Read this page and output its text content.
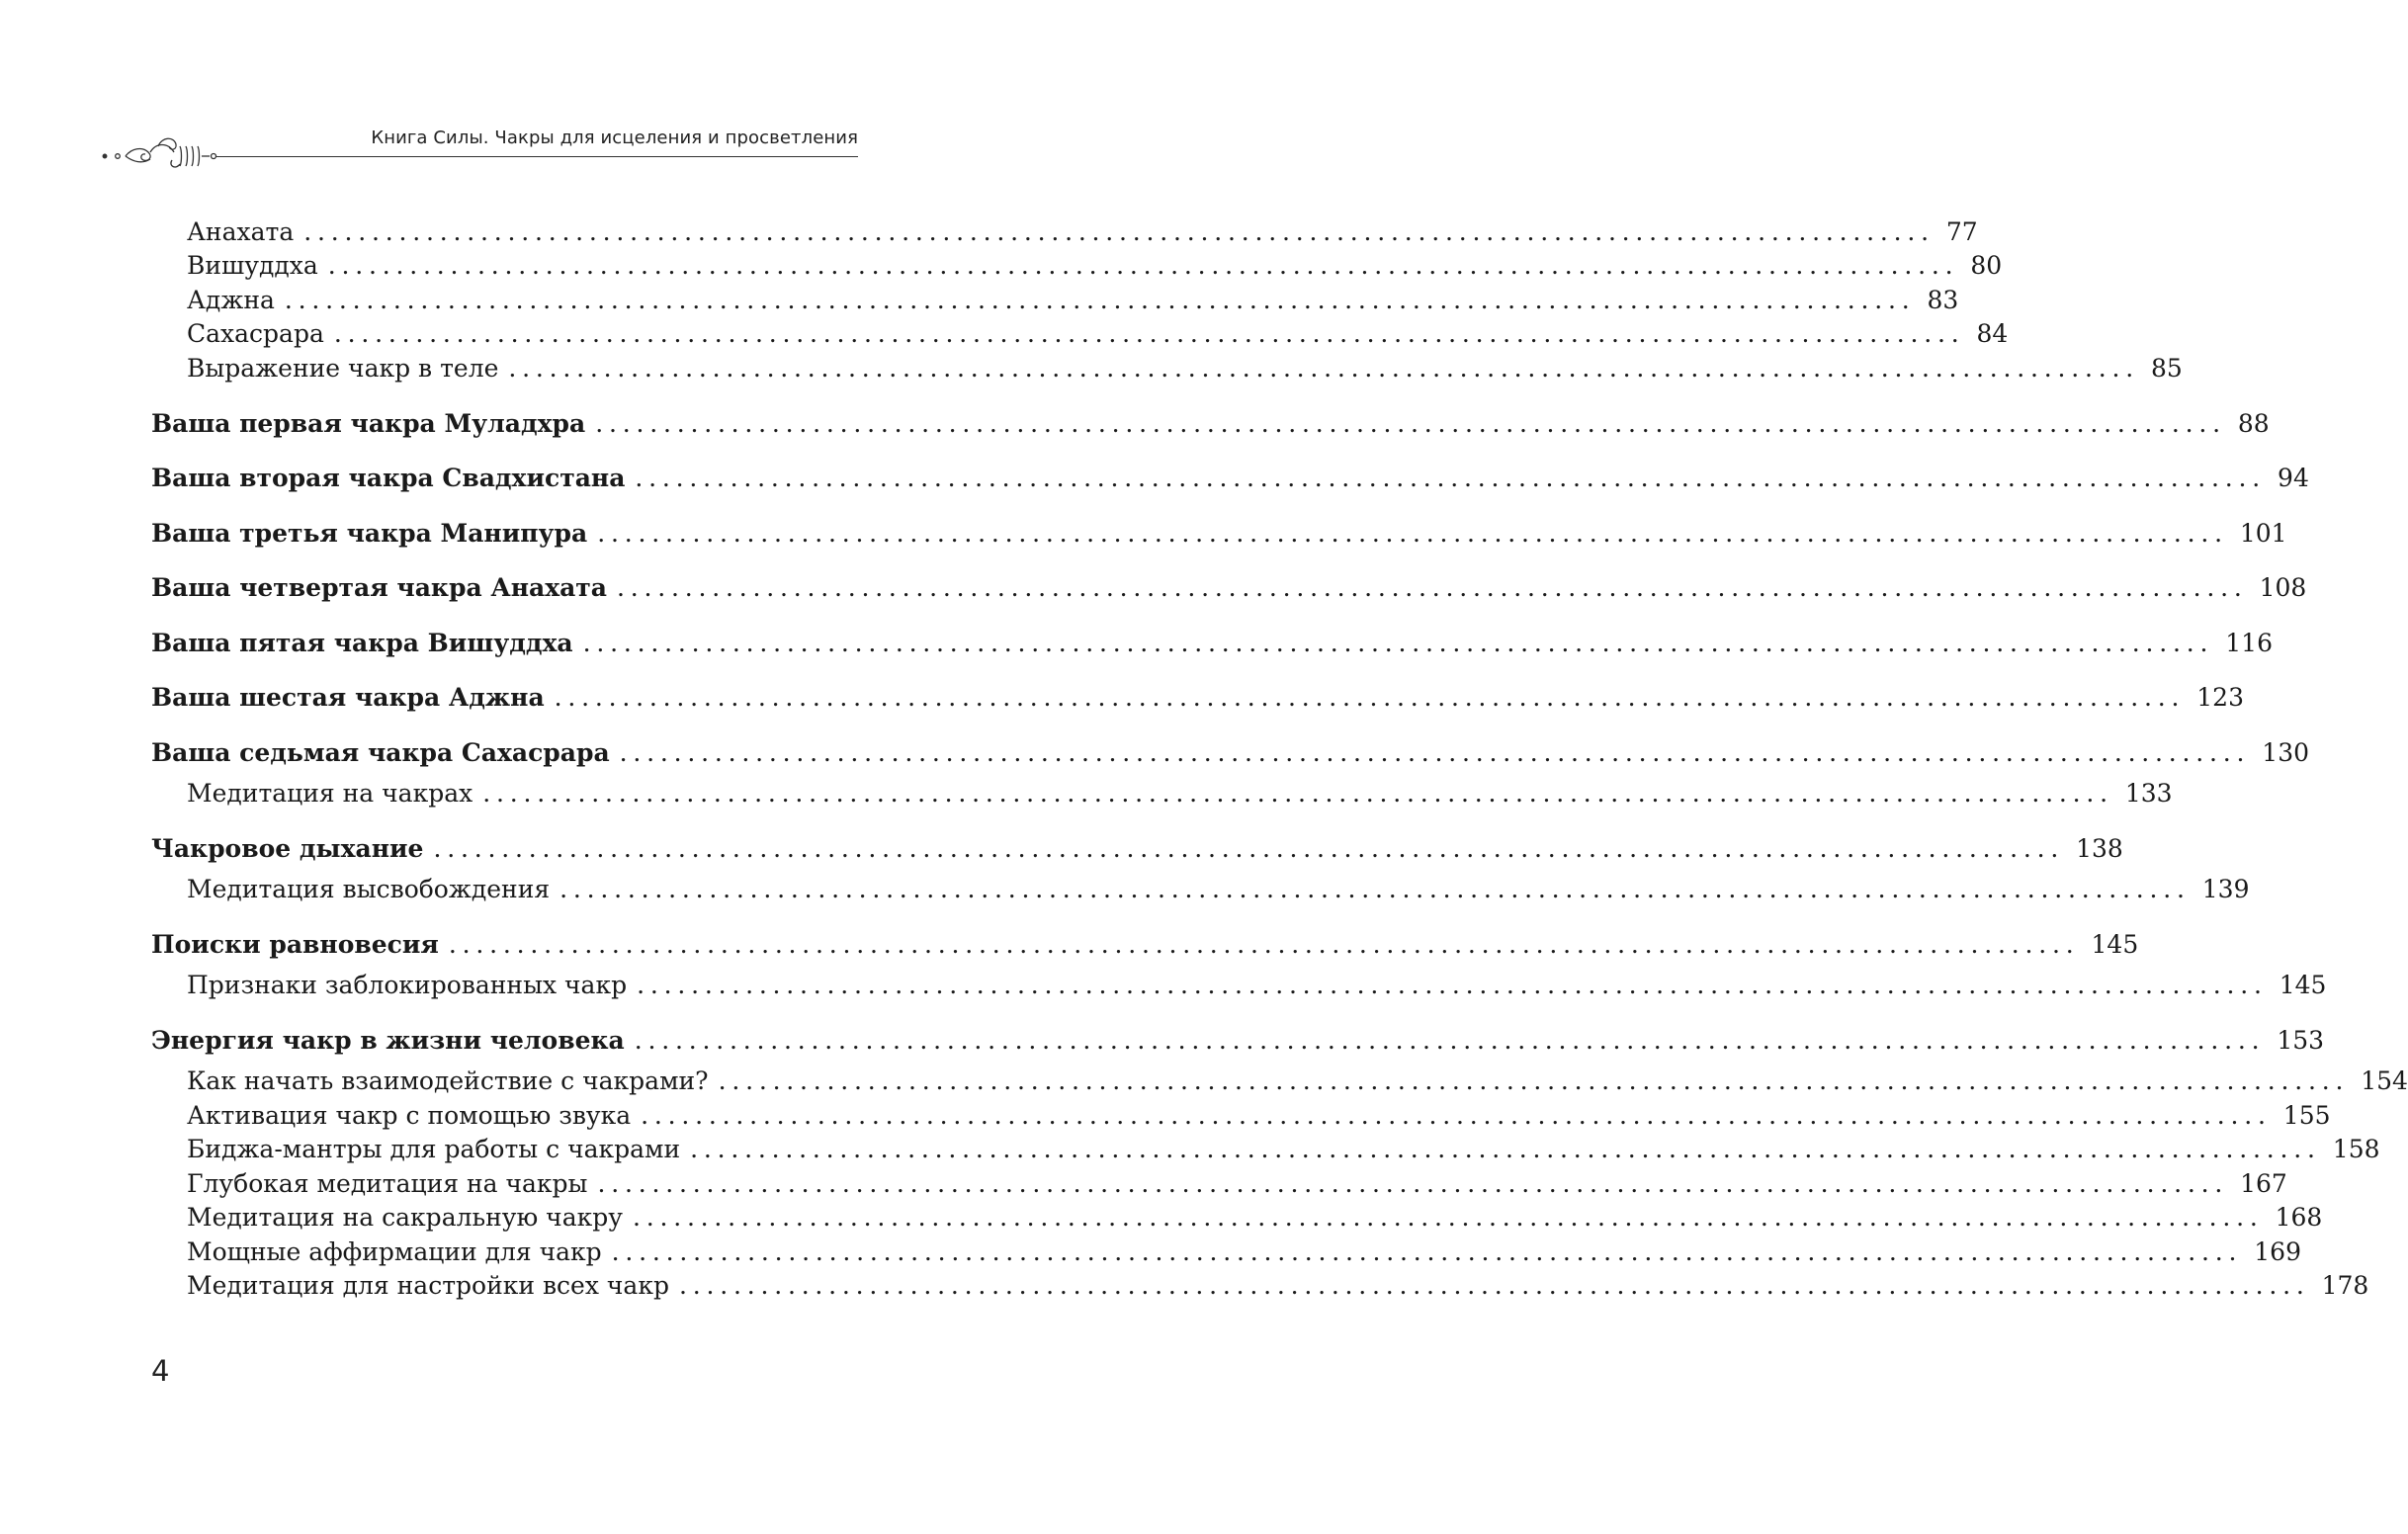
Книга Силы. Чакры для исцеления и просветления
Анахата ........................................................................................................................ 77
Вишуддха ........................................................................................................................ 80
Аджна ........................................................................................................................ 83
Сахасрара ........................................................................................................................ 84
Выражение чакр в теле ........................................................................................................................ 85
Ваша первая чакра Муладхра ........................................................................................................................ 88
Ваша вторая чакра Свадхистана ........................................................................................................................ 94
Ваша третья чакра Манипура ........................................................................................................................ 101
Ваша четвертая чакра Анахата ........................................................................................................................ 108
Ваша пятая чакра Вишуддха ........................................................................................................................ 116
Ваша шестая чакра Аджна ........................................................................................................................ 123
Ваша седьмая чакра Сахасрара ........................................................................................................................ 130
Медитация на чакрах ........................................................................................................................ 133
Чакровое дыхание ........................................................................................................................ 138
Медитация высвобождения ........................................................................................................................ 139
Поиски равновесия ........................................................................................................................ 145
Признаки заблокированных чакр ........................................................................................................................ 145
Энергия чакр в жизни человека ........................................................................................................................ 153
Как начать взаимодействие с чакрами? ........................................................................................................................ 154
Активация чакр с помощью звука ........................................................................................................................ 155
Биджа-мантры для работы с чакрами ........................................................................................................................ 158
Глубокая медитация на чакры ........................................................................................................................ 167
Медитация на сакральную чакру ........................................................................................................................ 168
Мощные аффирмации для чакр ........................................................................................................................ 169
Медитация для настройки всех чакр ........................................................................................................................ 178
4
